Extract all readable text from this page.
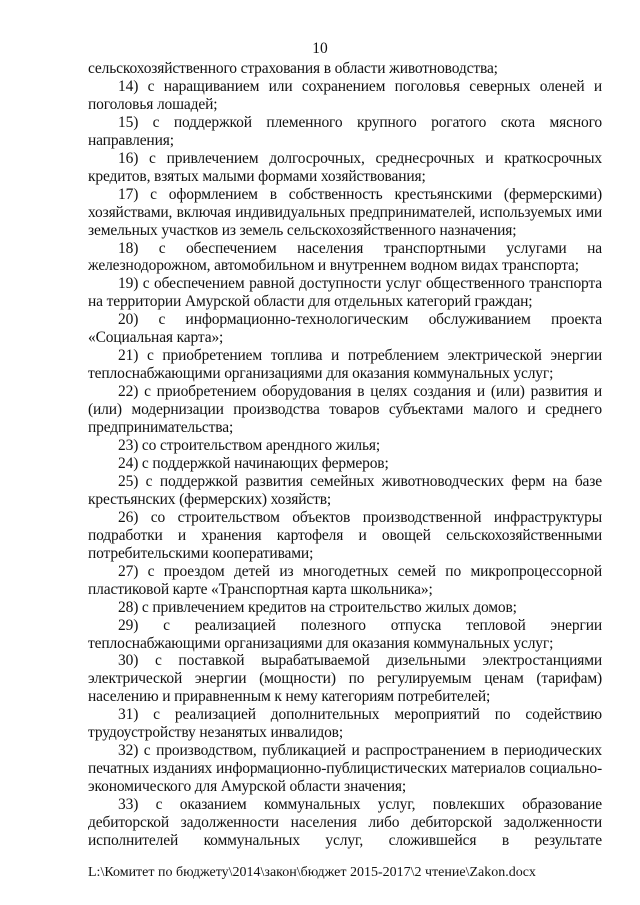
10

сельскохозяйственного страхования в области животноводства;

14) с наращиванием или сохранением поголовья северных оленей и поголовья лошадей;

15) с поддержкой племенного крупного рогатого скота мясного направления;

16) с привлечением долгосрочных, среднесрочных и краткосрочных кредитов, взятых малыми формами хозяйствования;

17) с оформлением в собственность крестьянскими (фермерскими) хозяйствами, включая индивидуальных предпринимателей, используемых ими земельных участков из земель сельскохозяйственного назначения;

18) с обеспечением населения транспортными услугами на железнодорожном, автомобильном и внутреннем водном видах транспорта;

19) с обеспечением равной доступности услуг общественного транспорта на территории Амурской области для отдельных категорий граждан;

20) с информационно-технологическим обслуживанием проекта «Социальная карта»;

21) с приобретением топлива и потреблением электрической энергии теплоснабжающими организациями для оказания коммунальных услуг;

22) с приобретением оборудования в целях создания и (или) развития и (или) модернизации производства товаров субъектами малого и среднего предпринимательства;

23) со строительством арендного жилья;

24) с поддержкой начинающих фермеров;

25) с поддержкой развития семейных животноводческих ферм на базе крестьянских (фермерских) хозяйств;

26) со строительством объектов производственной инфраструктуры подработки и хранения картофеля и овощей сельскохозяйственными потребительскими кооперативами;

27) с проездом детей из многодетных семей по микропроцессорной пластиковой карте «Транспортная карта школьника»;

28) с привлечением кредитов на строительство жилых домов;

29) с реализацией полезного отпуска тепловой энергии теплоснабжающими организациями для оказания коммунальных услуг;

30) с поставкой вырабатываемой дизельными электростанциями электрической энергии (мощности) по регулируемым ценам (тарифам) населению и приравненным к нему категориям потребителей;

31) с реализацией дополнительных мероприятий по содействию трудоустройству незанятых инвалидов;

32) с производством, публикацией и распространением в периодических печатных изданиях информационно-публицистических материалов социально-экономического для Амурской области значения;

33) с оказанием коммунальных услуг, повлекших образование дебиторской задолженности населения либо дебиторской задолженности исполнителей коммунальных услуг, сложившейся в результате

L:\Комитет по бюджету\2014\закон\бюджет 2015-2017\2 чтение\Zakon.docx
